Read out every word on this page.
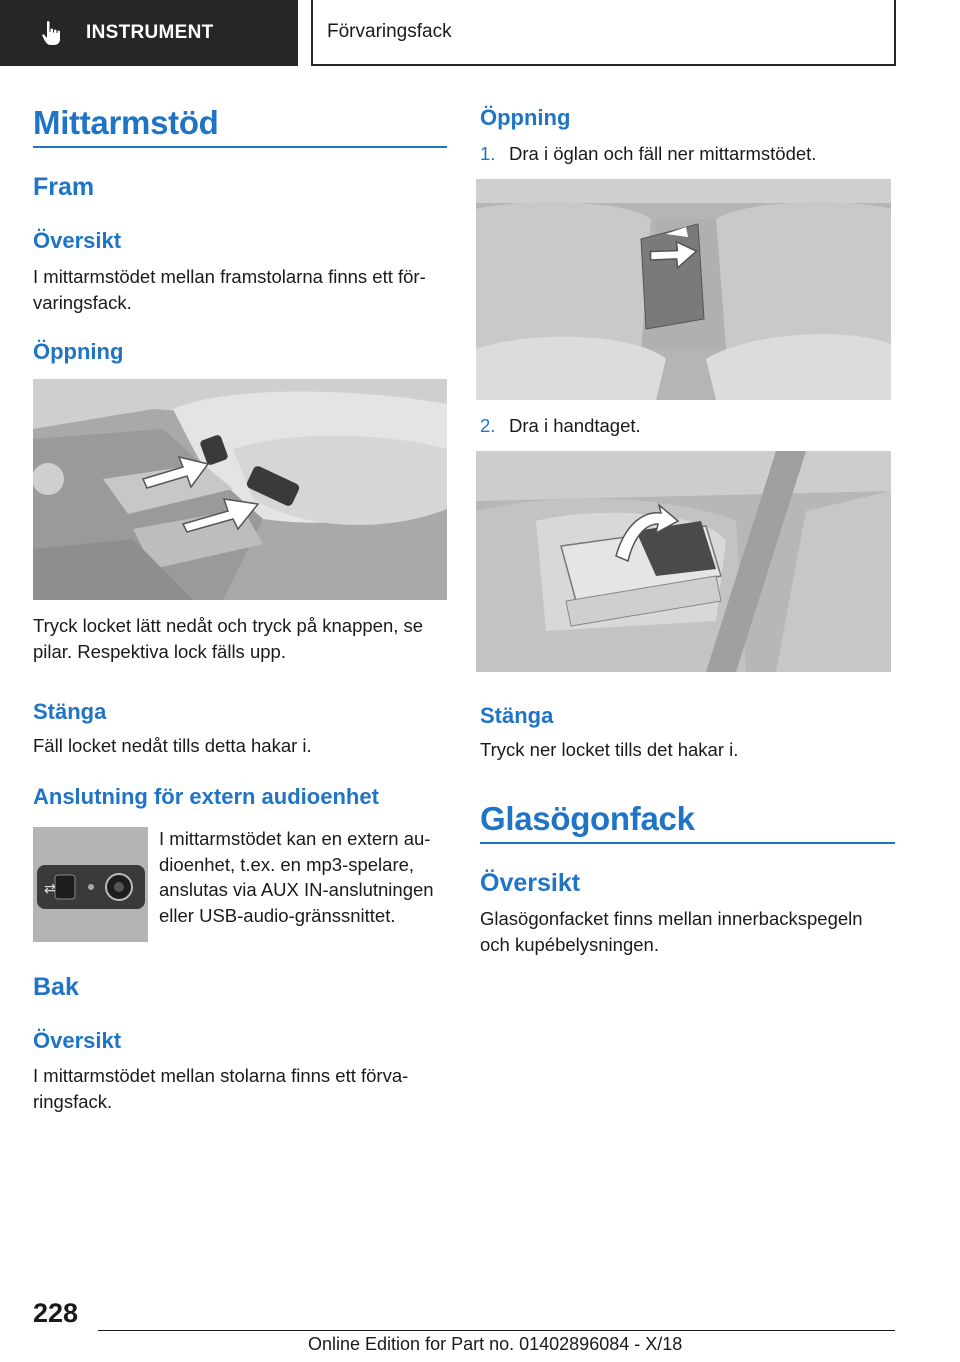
INSTRUMENT	Förvaringsfack
Mittarmstöd
Fram
Översikt
I mittarmstödet mellan framstolarna finns ett för‐
varingsfack.
Öppning
Tryck locket lätt nedåt och tryck på knappen, se
pilar. Respektiva lock fälls upp.
Stänga
Fäll locket nedåt tills detta hakar i.
Anslutning för extern audioenhet
⇄
I mittarmstödet kan en extern au‐
dioenhet, t.ex. en mp3-spelare,
anslutas via AUX IN-anslutningen
eller USB-audio-gränssnittet.
Bak
Översikt
I mittarmstödet mellan stolarna finns ett förva‐
ringsfack.
Öppning
1. Dra i öglan och fäll ner mittarmstödet.
2. Dra i handtaget.
Stänga
Tryck ner locket tills det hakar i.
Glasögonfack
Översikt
Glasögonfacket finns mellan innerbackspegeln
och kupébelysningen.
228
Online Edition for Part no. 01402896084 - X/18
